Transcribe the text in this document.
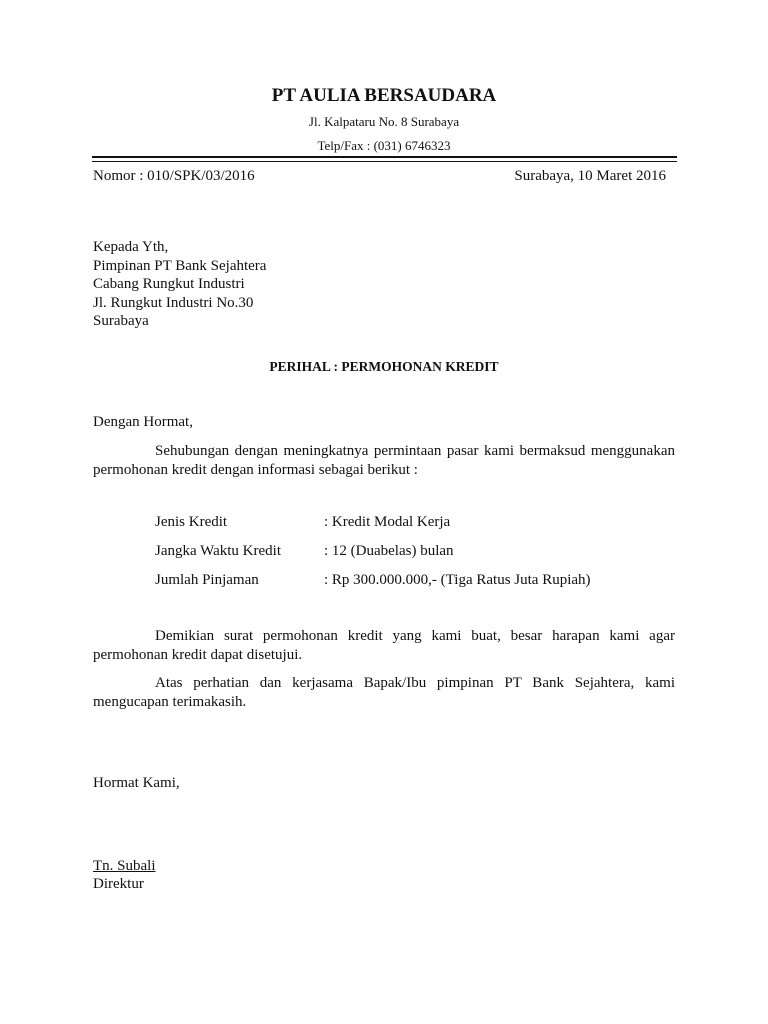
PT AULIA BERSAUDARA
Jl. Kalpataru No. 8 Surabaya
Telp/Fax : (031) 6746323
Nomor : 010/SPK/03/2016	Surabaya, 10 Maret 2016
Kepada Yth,
Pimpinan PT Bank Sejahtera
Cabang Rungkut Industri
Jl. Rungkut Industri No.30
Surabaya
PERIHAL : PERMOHONAN KREDIT
Dengan Hormat,
Sehubungan dengan meningkatnya permintaan pasar kami bermaksud menggunakan permohonan kredit dengan informasi sebagai berikut :
Jenis Kredit	: Kredit Modal Kerja
Jangka Waktu Kredit	: 12 (Duabelas) bulan
Jumlah Pinjaman	: Rp 300.000.000,- (Tiga Ratus Juta Rupiah)
Demikian surat permohonan kredit yang kami buat, besar harapan kami agar permohonan kredit dapat disetujui.
Atas perhatian dan kerjasama Bapak/Ibu pimpinan PT Bank Sejahtera, kami mengucapan terimakasih.
Hormat Kami,
Tn. Subali
Direktur
